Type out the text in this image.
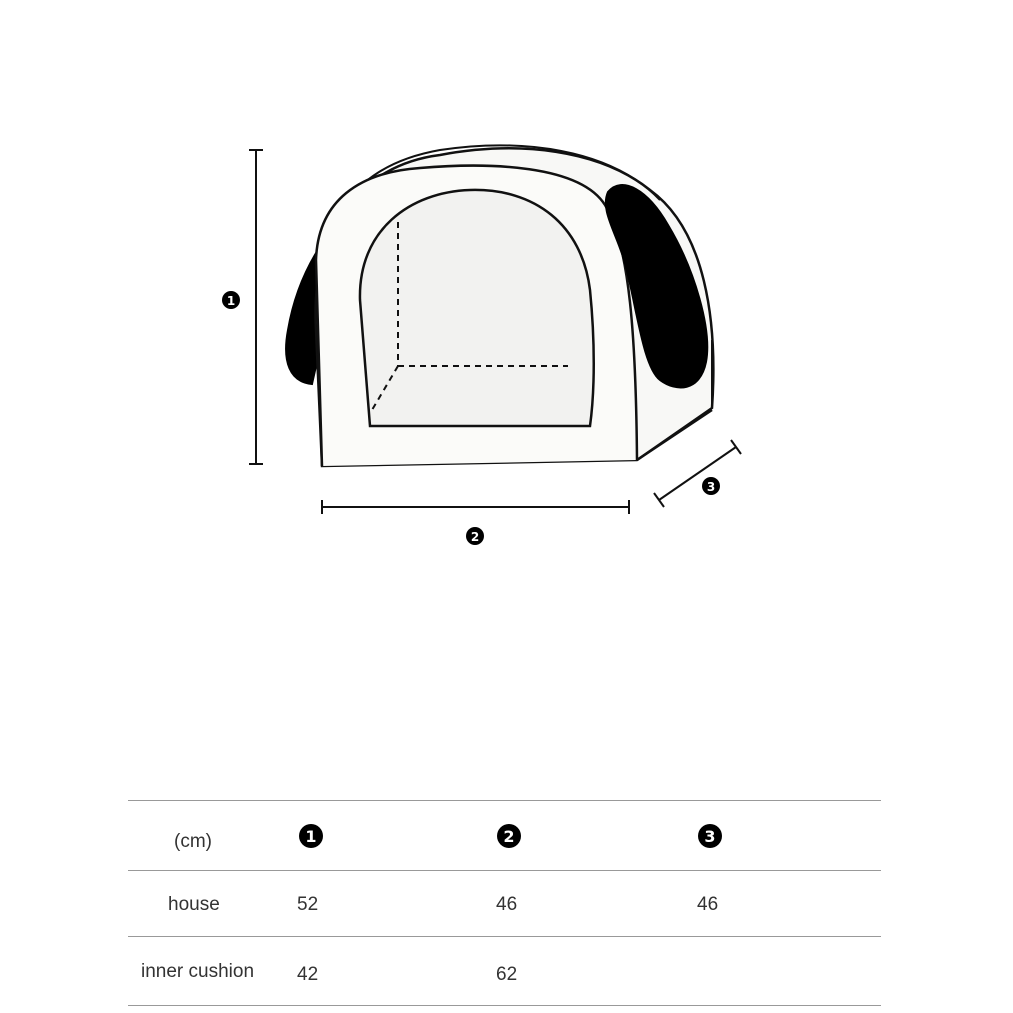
1
2
3
(cm)	1	2	3
house	52	46	46
inner cushion 42	62
